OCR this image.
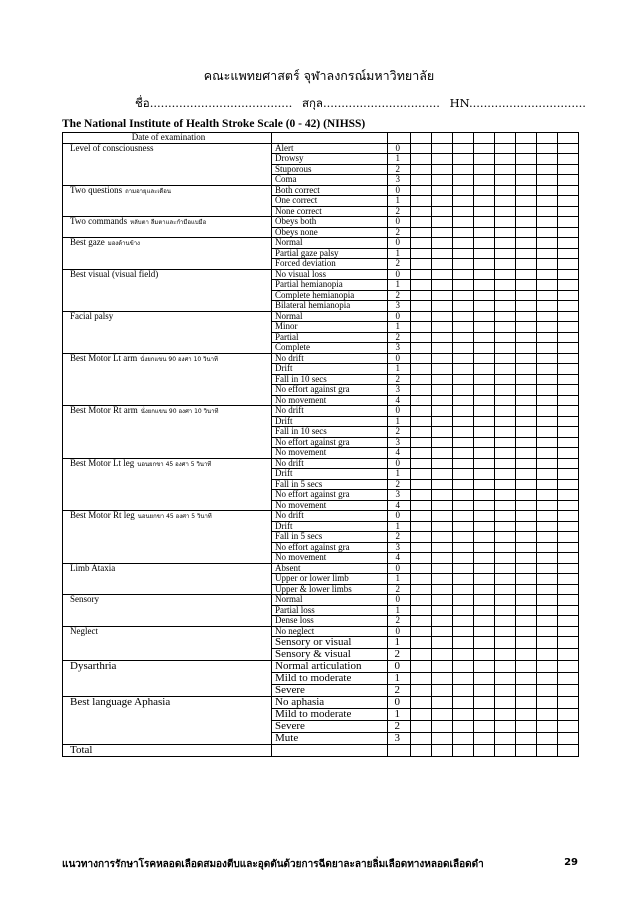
คณะแพทยศาสตร์ จุฬาลงกรณ์มหาวิทยาลัย
ชื่อ....................................... สกุล................................ HN................................
The National Institute of Health Stroke Scale (0 - 42) (NIHSS)
Date of examination										
Level of consciousness	Alert	0								
	Drowsy	1								
	Stuporous	2								
	Coma	3								
Two questions ถามอายุและเดือน	Both correct	0								
	One correct	1								
	None correct	2								
Two commands หลับตา ลืมตาและกำมือแบมือ	Obeys both	0								
	Obeys none	2								
Best gaze มองด้านข้าง	Normal	0								
	Partial gaze palsy	1								
	Forced deviation	2								
Best visual (visual field)	No visual loss	0								
	Partial hemianopia	1								
	Complete hemianopia	2								
	Bilateral hemianopia	3								
Facial palsy	Normal	0								
	Minor	1								
	Partial	2								
	Complete	3								
Best Motor Lt arm นั่งยกแขน 90 องศา 10 วินาที	No drift	0								
	Drift	1								
	Fall in 10 secs	2								
	No effort against gra	3								
	No movement	4								
Best Motor Rt arm นั่งยกแขน 90 องศา 10 วินาที	No drift	0								
	Drift	1								
	Fall in 10 secs	2								
	No effort against gra	3								
	No movement	4								
Best Motor Lt leg นอนยกขา 45 องศา 5 วินาที	No drift	0								
	Drift	1								
	Fall in 5 secs	2								
	No effort against gra	3								
	No movement	4								
Best Motor Rt leg นอนยกขา 45 องศา 5 วินาที	No drift	0								
	Drift	1								
	Fall in 5 secs	2								
	No effort against gra	3								
	No movement	4								
Limb Ataxia	Absent	0								
	Upper or lower limb	1								
	Upper & lower limbs	2								
Sensory	Normal	0								
	Partial loss	1								
	Dense loss	2								
Neglect	No neglect	0								
	Sensory or visual	1								
	Sensory & visual	2								
Dysarthria	Normal articulation	0								
	Mild to moderate	1								
	Severe	2								
Best language Aphasia	No aphasia	0								
	Mild to moderate	1								
	Severe	2								
	Mute	3								
Total										
แนวทางการรักษาโรคหลอดเลือดสมองตีบและอุดตันด้วยการฉีดยาละลายลิ่มเลือดทางหลอดเลือดดำ	29
